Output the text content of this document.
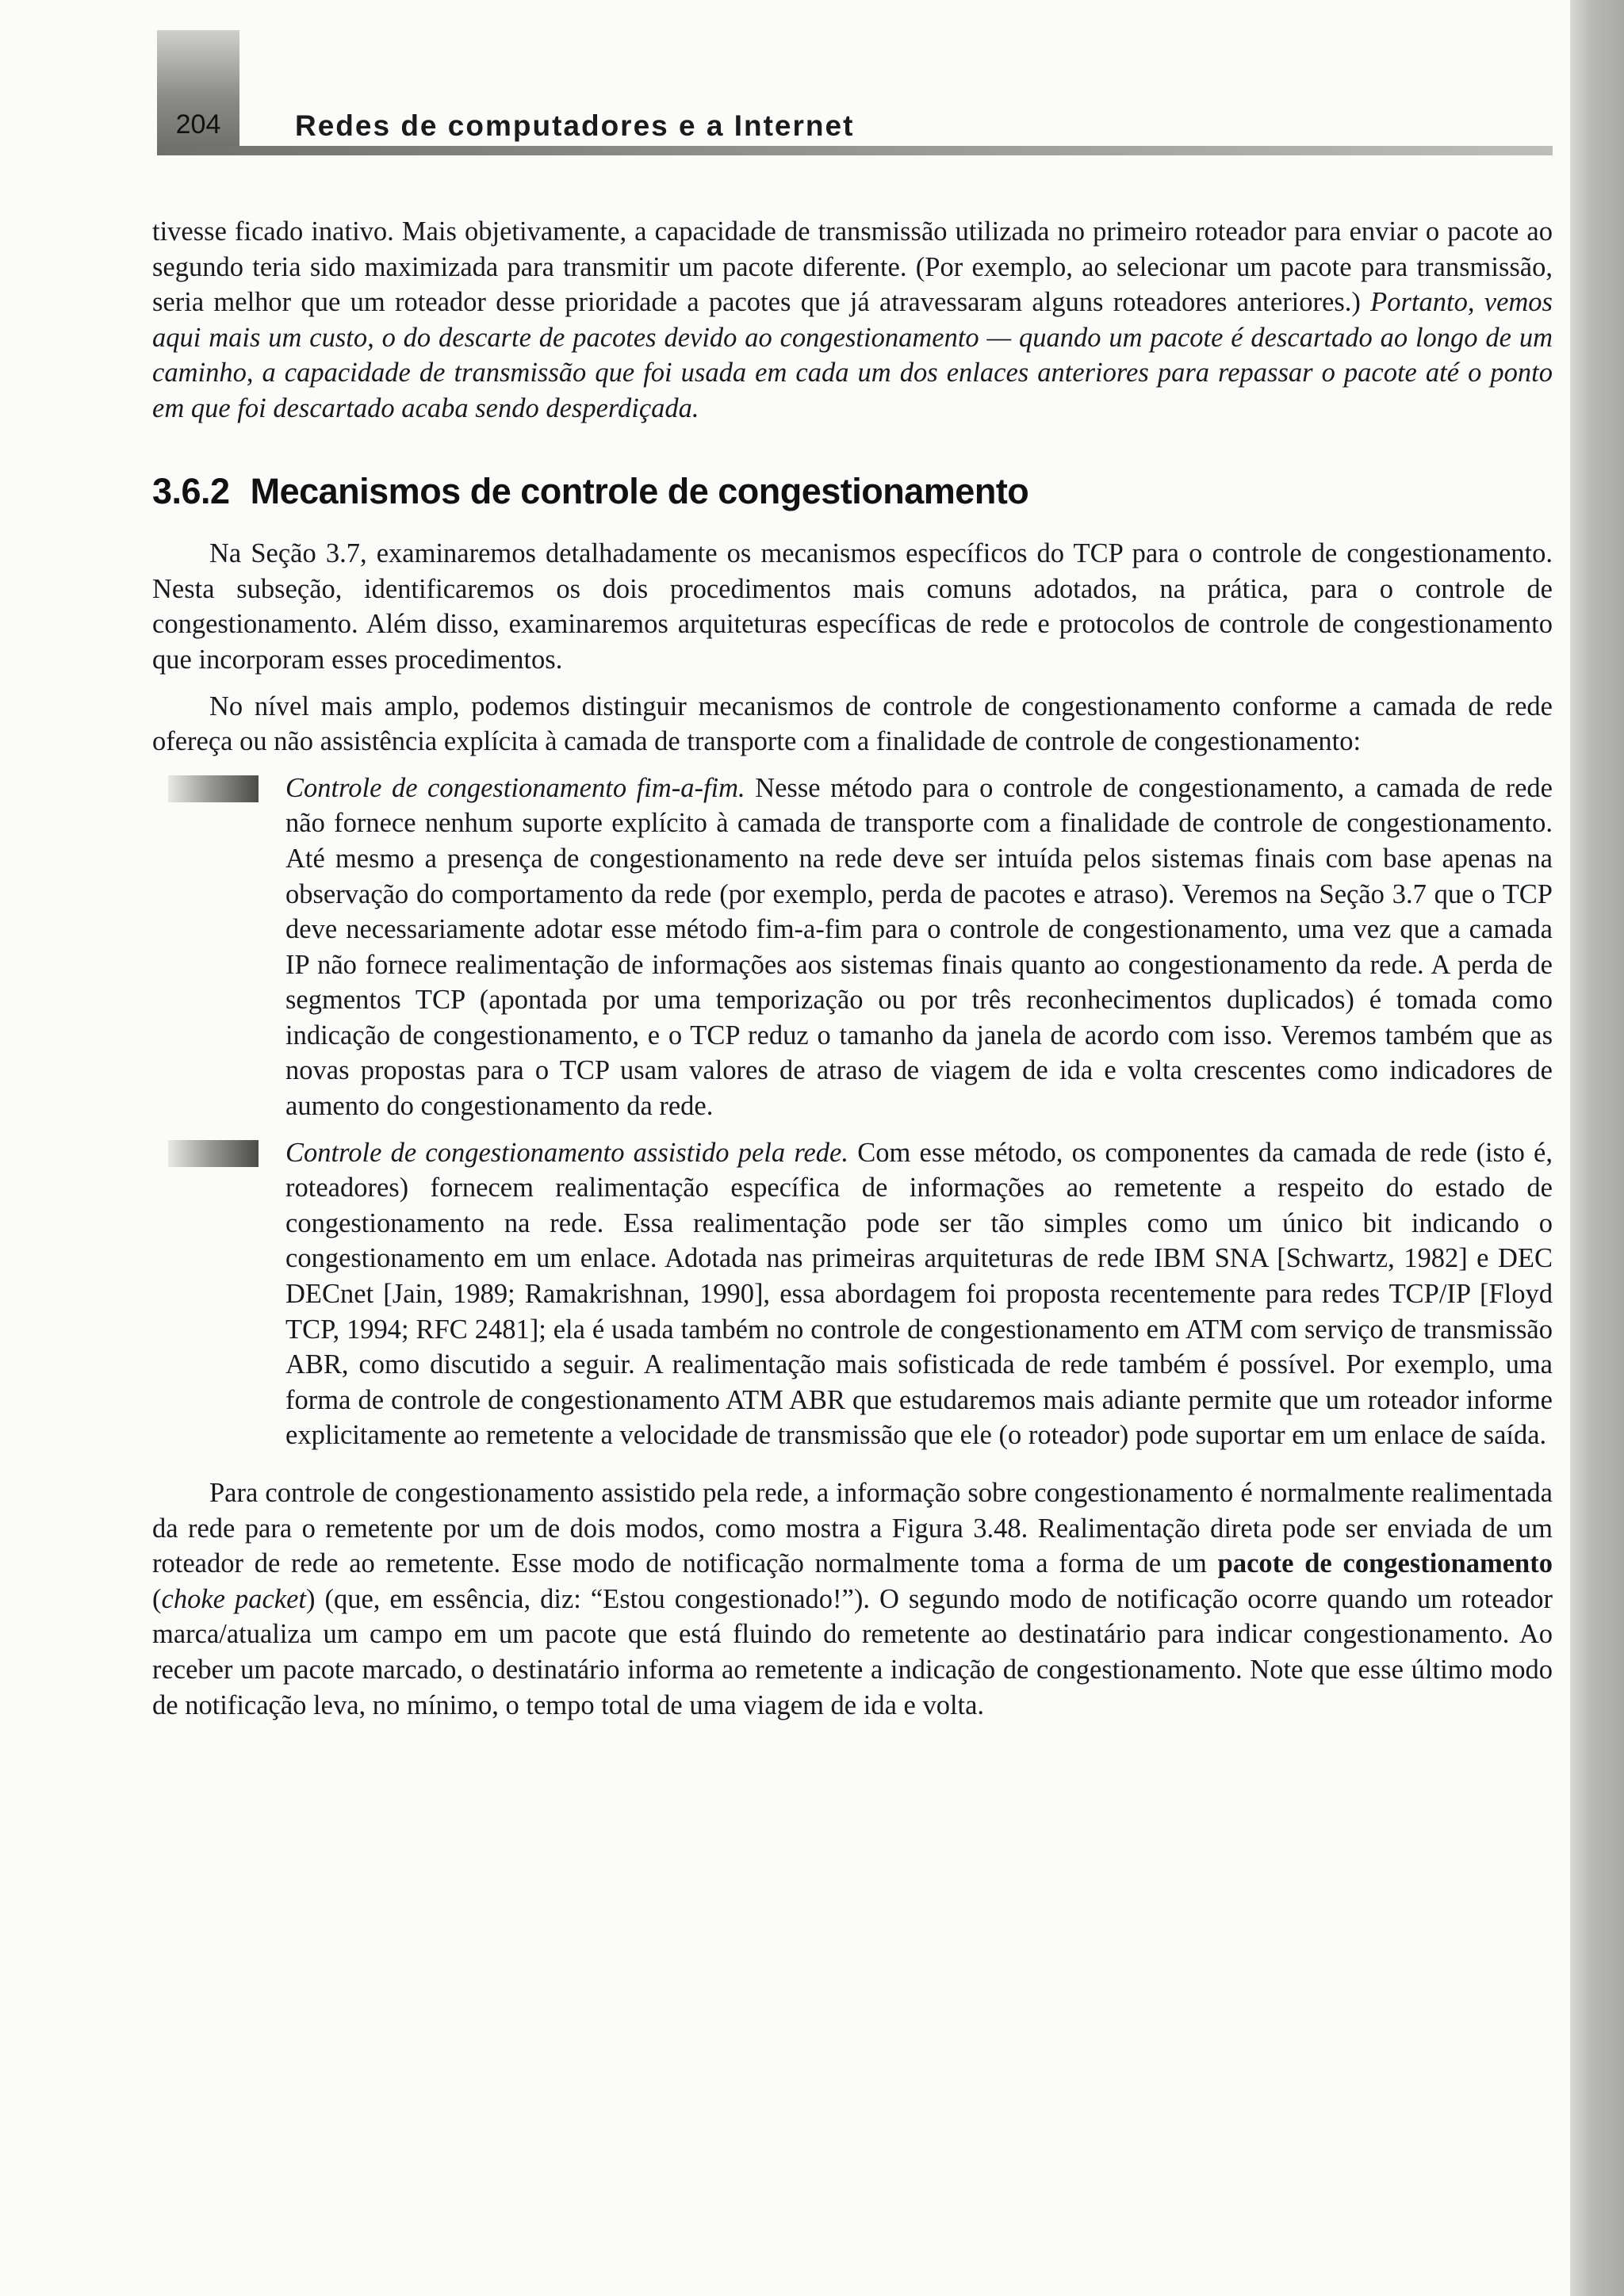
204	Redes de computadores e a Internet

tivesse ficado inativo. Mais objetivamente, a capacidade de transmissão utilizada no primeiro roteador para enviar o pacote ao segundo teria sido maximizada para transmitir um pacote diferente. (Por exemplo, ao selecionar um pacote para transmissão, seria melhor que um roteador desse prioridade a pacotes que já atravessaram alguns roteadores anteriores.) Portanto, vemos aqui mais um custo, o do descarte de pacotes devido ao congestionamento — quando um pacote é descartado ao longo de um caminho, a capacidade de transmissão que foi usada em cada um dos enlaces anteriores para repassar o pacote até o ponto em que foi descartado acaba sendo desperdiçada.

3.6.2 Mecanismos de controle de congestionamento

Na Seção 3.7, examinaremos detalhadamente os mecanismos específicos do TCP para o controle de congestionamento. Nesta subseção, identificaremos os dois procedimentos mais comuns adotados, na prática, para o controle de congestionamento. Além disso, examinaremos arquiteturas específicas de rede e protocolos de controle de congestionamento que incorporam esses procedimentos.

No nível mais amplo, podemos distinguir mecanismos de controle de congestionamento conforme a camada de rede ofereça ou não assistência explícita à camada de transporte com a finalidade de controle de congestionamento:

Controle de congestionamento fim-a-fim. Nesse método para o controle de congestionamento, a camada de rede não fornece nenhum suporte explícito à camada de transporte com a finalidade de controle de congestionamento. Até mesmo a presença de congestionamento na rede deve ser intuída pelos sistemas finais com base apenas na observação do comportamento da rede (por exemplo, perda de pacotes e atraso). Veremos na Seção 3.7 que o TCP deve necessariamente adotar esse método fim-a-fim para o controle de congestionamento, uma vez que a camada IP não fornece realimentação de informações aos sistemas finais quanto ao congestionamento da rede. A perda de segmentos TCP (apontada por uma temporização ou por três reconhecimentos duplicados) é tomada como indicação de congestionamento, e o TCP reduz o tamanho da janela de acordo com isso. Veremos também que as novas propostas para o TCP usam valores de atraso de viagem de ida e volta crescentes como indicadores de aumento do congestionamento da rede.
Controle de congestionamento assistido pela rede. Com esse método, os componentes da camada de rede (isto é, roteadores) fornecem realimentação específica de informações ao remetente a respeito do estado de congestionamento na rede. Essa realimentação pode ser tão simples como um único bit indicando o congestionamento em um enlace. Adotada nas primeiras arquiteturas de rede IBM SNA [Schwartz, 1982] e DEC DECnet [Jain, 1989; Ramakrishnan, 1990], essa abordagem foi proposta recentemente para redes TCP/IP [Floyd TCP, 1994; RFC 2481]; ela é usada também no controle de congestionamento em ATM com serviço de transmissão ABR, como discutido a seguir. A realimentação mais sofisticada de rede também é possível. Por exemplo, uma forma de controle de congestionamento ATM ABR que estudaremos mais adiante permite que um roteador informe explicitamente ao remetente a velocidade de transmissão que ele (o roteador) pode suportar em um enlace de saída.

Para controle de congestionamento assistido pela rede, a informação sobre congestionamento é normalmente realimentada da rede para o remetente por um de dois modos, como mostra a Figura 3.48. Realimentação direta pode ser enviada de um roteador de rede ao remetente. Esse modo de notificação normalmente toma a forma de um pacote de congestionamento (choke packet) (que, em essência, diz: “Estou congestionado!”). O segundo modo de notificação ocorre quando um roteador marca/atualiza um campo em um pacote que está fluindo do remetente ao destinatário para indicar congestionamento. Ao receber um pacote marcado, o destinatário informa ao remetente a indicação de congestionamento. Note que esse último modo de notificação leva, no mínimo, o tempo total de uma viagem de ida e volta.
